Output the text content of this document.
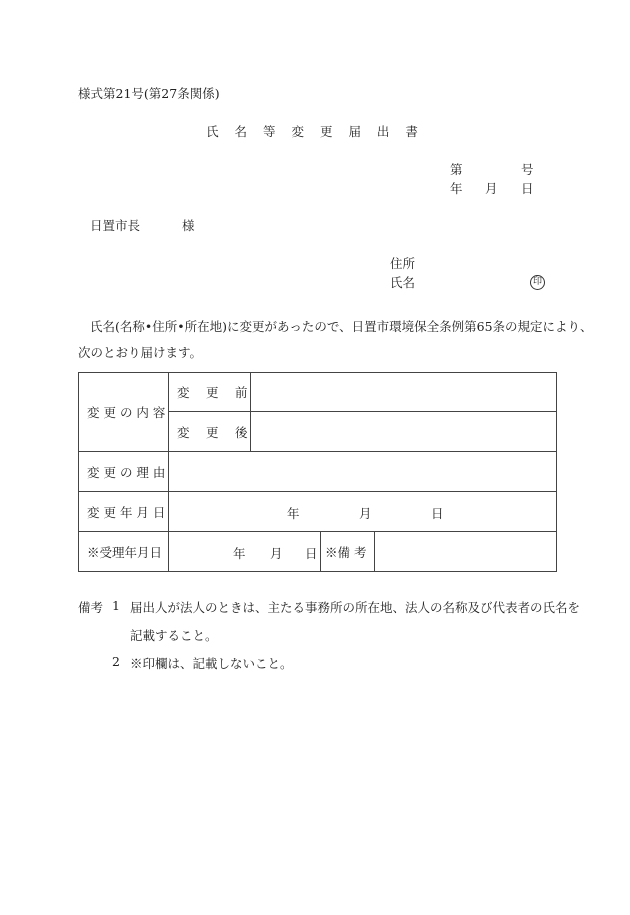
様式第21号(第27条関係)
氏 名 等 変 更 届 出 書
第	号
年 月 日
日置市長	様
住所
氏名	印
氏名(名称•住所•所在地)に変更があったので、日置市環境保全条例第65条の規定により、
次のとおり届けます。
変 更 の 内 容	変　 更　 前			
	変　 更　 後			
変 更 の 理 由				
変 更 年 月 日	年 月 日			

※受理年月日	年 月 日		※備 考	
備考 1 届出人が法人のときは、主たる事務所の所在地、法人の名称及び代表者の氏名を
記載すること。
2 ※印欄は、記載しないこと。
